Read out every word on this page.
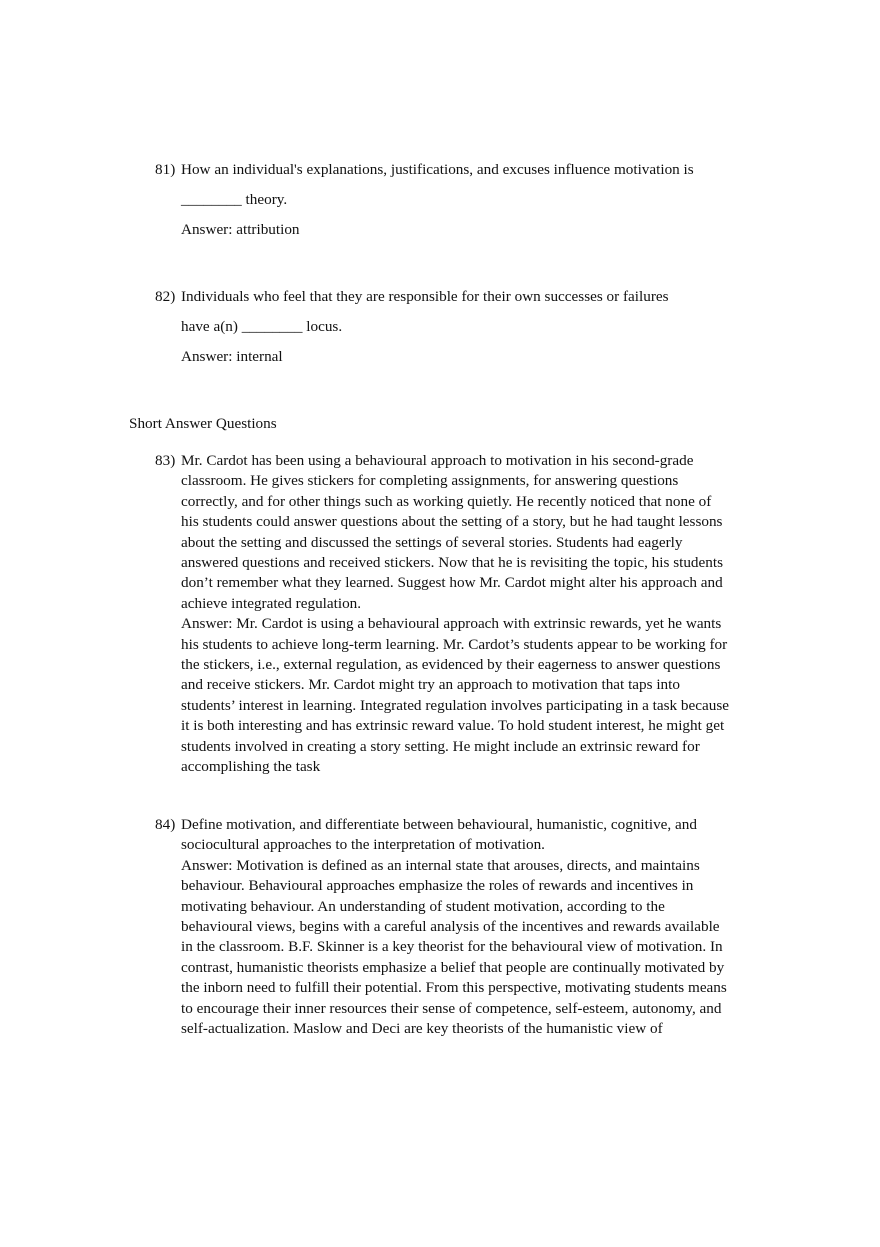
81) How an individual's explanations, justifications, and excuses influence motivation is
________ theory.
Answer: attribution
82) Individuals who feel that they are responsible for their own successes or failures
have a(n) ________ locus.
Answer: internal
Short Answer Questions
83) Mr. Cardot has been using a behavioural approach to motivation in his second-grade
classroom. He gives stickers for completing assignments, for answering questions
correctly, and for other things such as working quietly. He recently noticed that none of
his students could answer questions about the setting of a story, but he had taught lessons
about the setting and discussed the settings of several stories. Students had eagerly
answered questions and received stickers. Now that he is revisiting the topic, his students
don’t remember what they learned. Suggest how Mr. Cardot might alter his approach and
achieve integrated regulation.
Answer: Mr. Cardot is using a behavioural approach with extrinsic rewards, yet he wants
his students to achieve long-term learning. Mr. Cardot’s students appear to be working for
the stickers, i.e., external regulation, as evidenced by their eagerness to answer questions
and receive stickers. Mr. Cardot might try an approach to motivation that taps into
students’ interest in learning. Integrated regulation involves participating in a task because
it is both interesting and has extrinsic reward value. To hold student interest, he might get
students involved in creating a story setting. He might include an extrinsic reward for
accomplishing the task
84) Define motivation, and differentiate between behavioural, humanistic, cognitive, and
sociocultural approaches to the interpretation of motivation.
Answer: Motivation is defined as an internal state that arouses, directs, and maintains
behaviour. Behavioural approaches emphasize the roles of rewards and incentives in
motivating behaviour. An understanding of student motivation, according to the
behavioural views, begins with a careful analysis of the incentives and rewards available
in the classroom. B.F. Skinner is a key theorist for the behavioural view of motivation. In
contrast, humanistic theorists emphasize a belief that people are continually motivated by
the inborn need to fulfill their potential. From this perspective, motivating students means
to encourage their inner resources their sense of competence, self-esteem, autonomy, and
self-actualization. Maslow and Deci are key theorists of the humanistic view of
